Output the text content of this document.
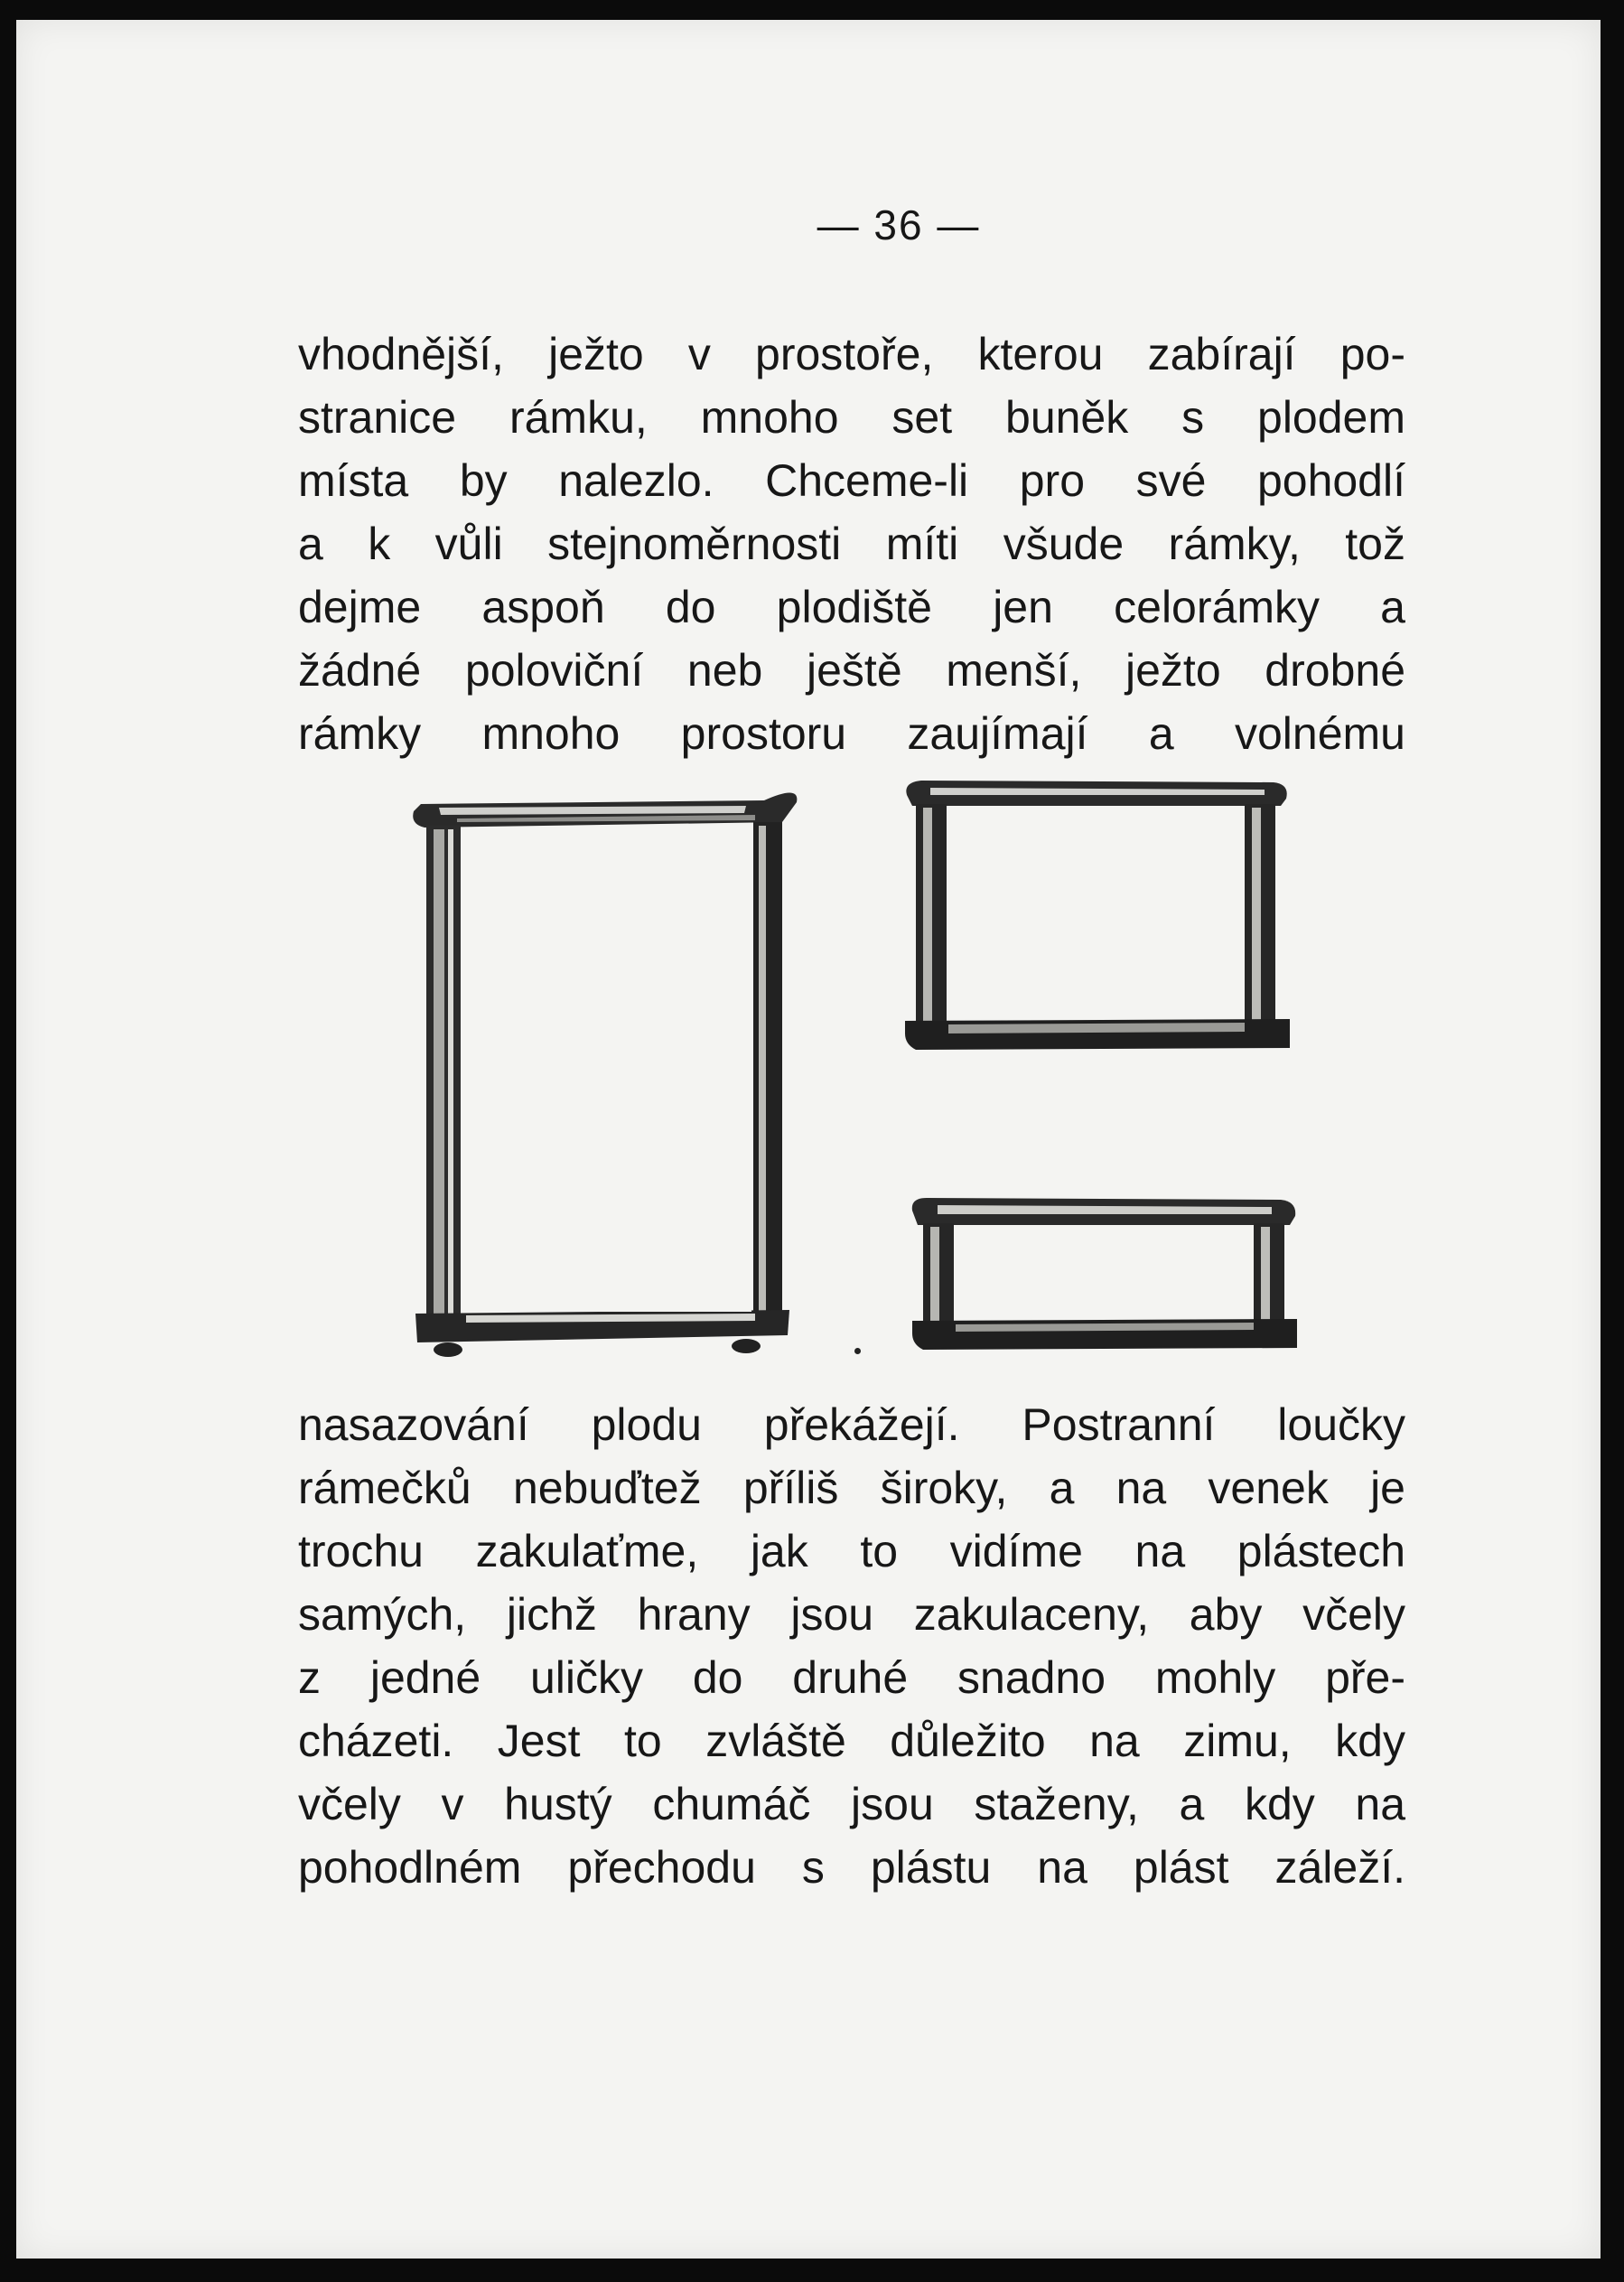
— 36 —
vhodnější, ježto v prostoře, kterou zabírají po-
stranice rámku, mnoho set buněk s plodem
místa by nalezlo. Chceme-li pro své pohodlí
a k vůli stejnoměrnosti míti všude rámky, tož
dejme aspoň do plodiště jen celorámky a
žádné poloviční neb ještě menší, ježto drobné
rámky mnoho prostoru zaujímají a volnému
nasazování plodu překážejí. Postranní loučky
rámečků nebuďtež příliš široky, a na venek je
trochu zakulaťme, jak to vidíme na plástech
samých, jichž hrany jsou zakulaceny, aby včely
z jedné uličky do druhé snadno mohly pře-
cházeti. Jest to zvláště důležito na zimu, kdy
včely v hustý chumáč jsou staženy, a kdy na
pohodlném přechodu s plástu na plást záleží.
